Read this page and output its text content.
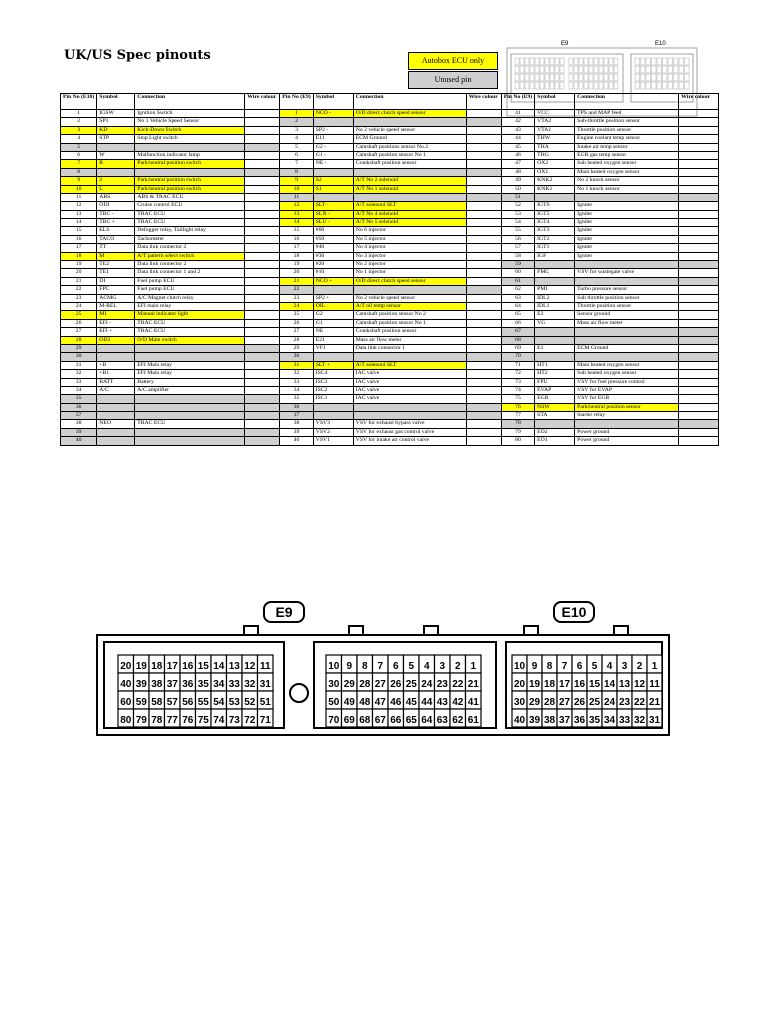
UK/US Spec pinouts	Autobox ECU only
Unused pin
E9	E10
Pin No (E10)	Symbol	Connection	Wire colour	Pin No (E9)	Symbol	Connection	Wire colour	Pin No (E9)	Symbol	Connection	Wire colour
1	IGSW	Ignition Switch		1	NCO -	O/D direct clutch speed sensor		41	VCC	TPS and MAP feed	
2	SP1	No 1 Vehicle Speed Sensor		2				42	VTA2	Sub-throttle position sensor	
3	KD	Kick-Down Switch		3	SP2 -	No 2 vehicle speed sensor		43	VTA1	Throttle position sensor	
4	STP	Stop Light switch		4	E11	ECM Ground		44	THW	Engine coolant temp sensor	
5				5	G2 -	Camshaft positions sensor No.2		45	THA	Intake air temp sensor	
6	W	Malfunction indicator lamp		6	G1 -	Camshaft position sensor No 1		46	THG	EGR gas temp sensor	
7	R	Park/neutral position switch		7	NE -	Crankshaft position sensor		47	OX2	Sub heated oxygen sensor	
8				8				48	OX1	Main heated oxygen sensor	
9	2	Park/neutral position switch		9	S2	A/T No 2 solenoid		49	KNK2	No 2 knock sensor	
10	L	Park/neutral position switch		10	S1	A/T No 1 solenoid		50	KNK1	No 1 knock sensor	
11	ABS	ABS & TRAC ECU		11				51			
12	ODI	Cruise control ECU		12	SLT -	A/T solenoid SLT		52	IGT6	Igniter	
13	TRC -	TRAC ECU		13	SLN -	A/T No 4 solenoid		53	IGT5	Igniter	
14	TRC +	TRAC ECU		14	SLU -	A/T No 5 solenoid		54	IGT4	Igniter	
15	ELS	Defogger relay, Taillight relay		15	#60	No 6 injector		55	IGT3	Igniter	
16	TACO	Tachometer		16	#50	No 5 injector		56	IGT2	Igniter	
17	TT	Data link connector 2		17	#40	No 4 injector		57	IGT1	Igniter	
18	M	A/T pattern select switch		18	#30	No 3 injector		58	IGF	Igniter	
19	TE2	Data link connector 2		19	#20	No 2 injector		59			
20	TE1	Data link connector 1 and 2		20	#10	No 1 injector		60	FMC	VSV for wastegate valve	
21	DI	Fuel pump ECU		21	NCO +	O/D direct clutch speed sensor		61			
22	FPC	Fuel pump ECU		22				62	PMI	Turbo pressure sensor	
23	ACMG	A/C Magnet clutch relay		23	SP2 +	No 2 vehicle speed sensor		63	IDL2	Sub throttle position sensor	
24	M-REL	EFI main relay		24	OIL	A/T oil temp sensor		64	IDL1	Throttle position sensor	
25	MI	Manual indicator light		25	G2	Camshaft position sensor No 2		65	E2	Sensor ground	
26	EFI -	TRAC ECU		26	G1	Camshaft position sensor No 1		66	VG	Mass air flow meter	
27	EFI +	TRAC ECU		27	NE	Crankshaft position sensor		67			
28	OD2	O/D Main switch		28	E21	Mass air flow meter		68			
29				29	VF1	Data link connector 1		69	E1	ECM Ground	
30				30				70			
31	+B	EFI Main relay		31	SLT +	A/T solenoid SLT		71	HT1	Main heated oxygen sensor	
32	+B1	EFI Main relay		32	ISC4	IAC valve		72	HT2	Sub heated oxygen sensor	
33	BATT	Battery		33	ISC3	IAC valve		73	FPU	VSV for fuel pressure control	
34	A/C	A/C amplifier		34	ISC2	IAC valve		74	EVAP	VSV for EVAP	
35				35	ISC1	IAC valve		75	EGR	VSV for EGR	
36				36				76	NSW	Park/neutral position sensor	
37				37				77	STA	Starter relay	
38	NEO	TRAC ECU		38	VSV3	VSV for exhaust bypass valve		78			
39				39	VSV2	VSV for exhaust gas control valve		79	EO2	Power ground	
40				40	VSV1	VSV for intake air control valve		80	EO1	Power ground	
E9	E10
20 19 18 17 16 15 14 13 12 11
40 39 38 37 36 35 34 33 32 31
60 59 58 57 56 55 54 53 52 51
80 79 78 77 76 75 74 73 72 71
10 9 8 7 6 5 4 3 2 1
30 29 28 27 26 25 24 23 22 21
50 49 48 47 46 45 44 43 42 41
70 69 68 67 66 65 64 63 62 61
10 9 8 7 6 5 4 3 2 1
20 19 18 17 16 15 14 13 12 11
30 29 28 27 26 25 24 23 22 21
40 39 38 37 36 35 34 33 32 31
